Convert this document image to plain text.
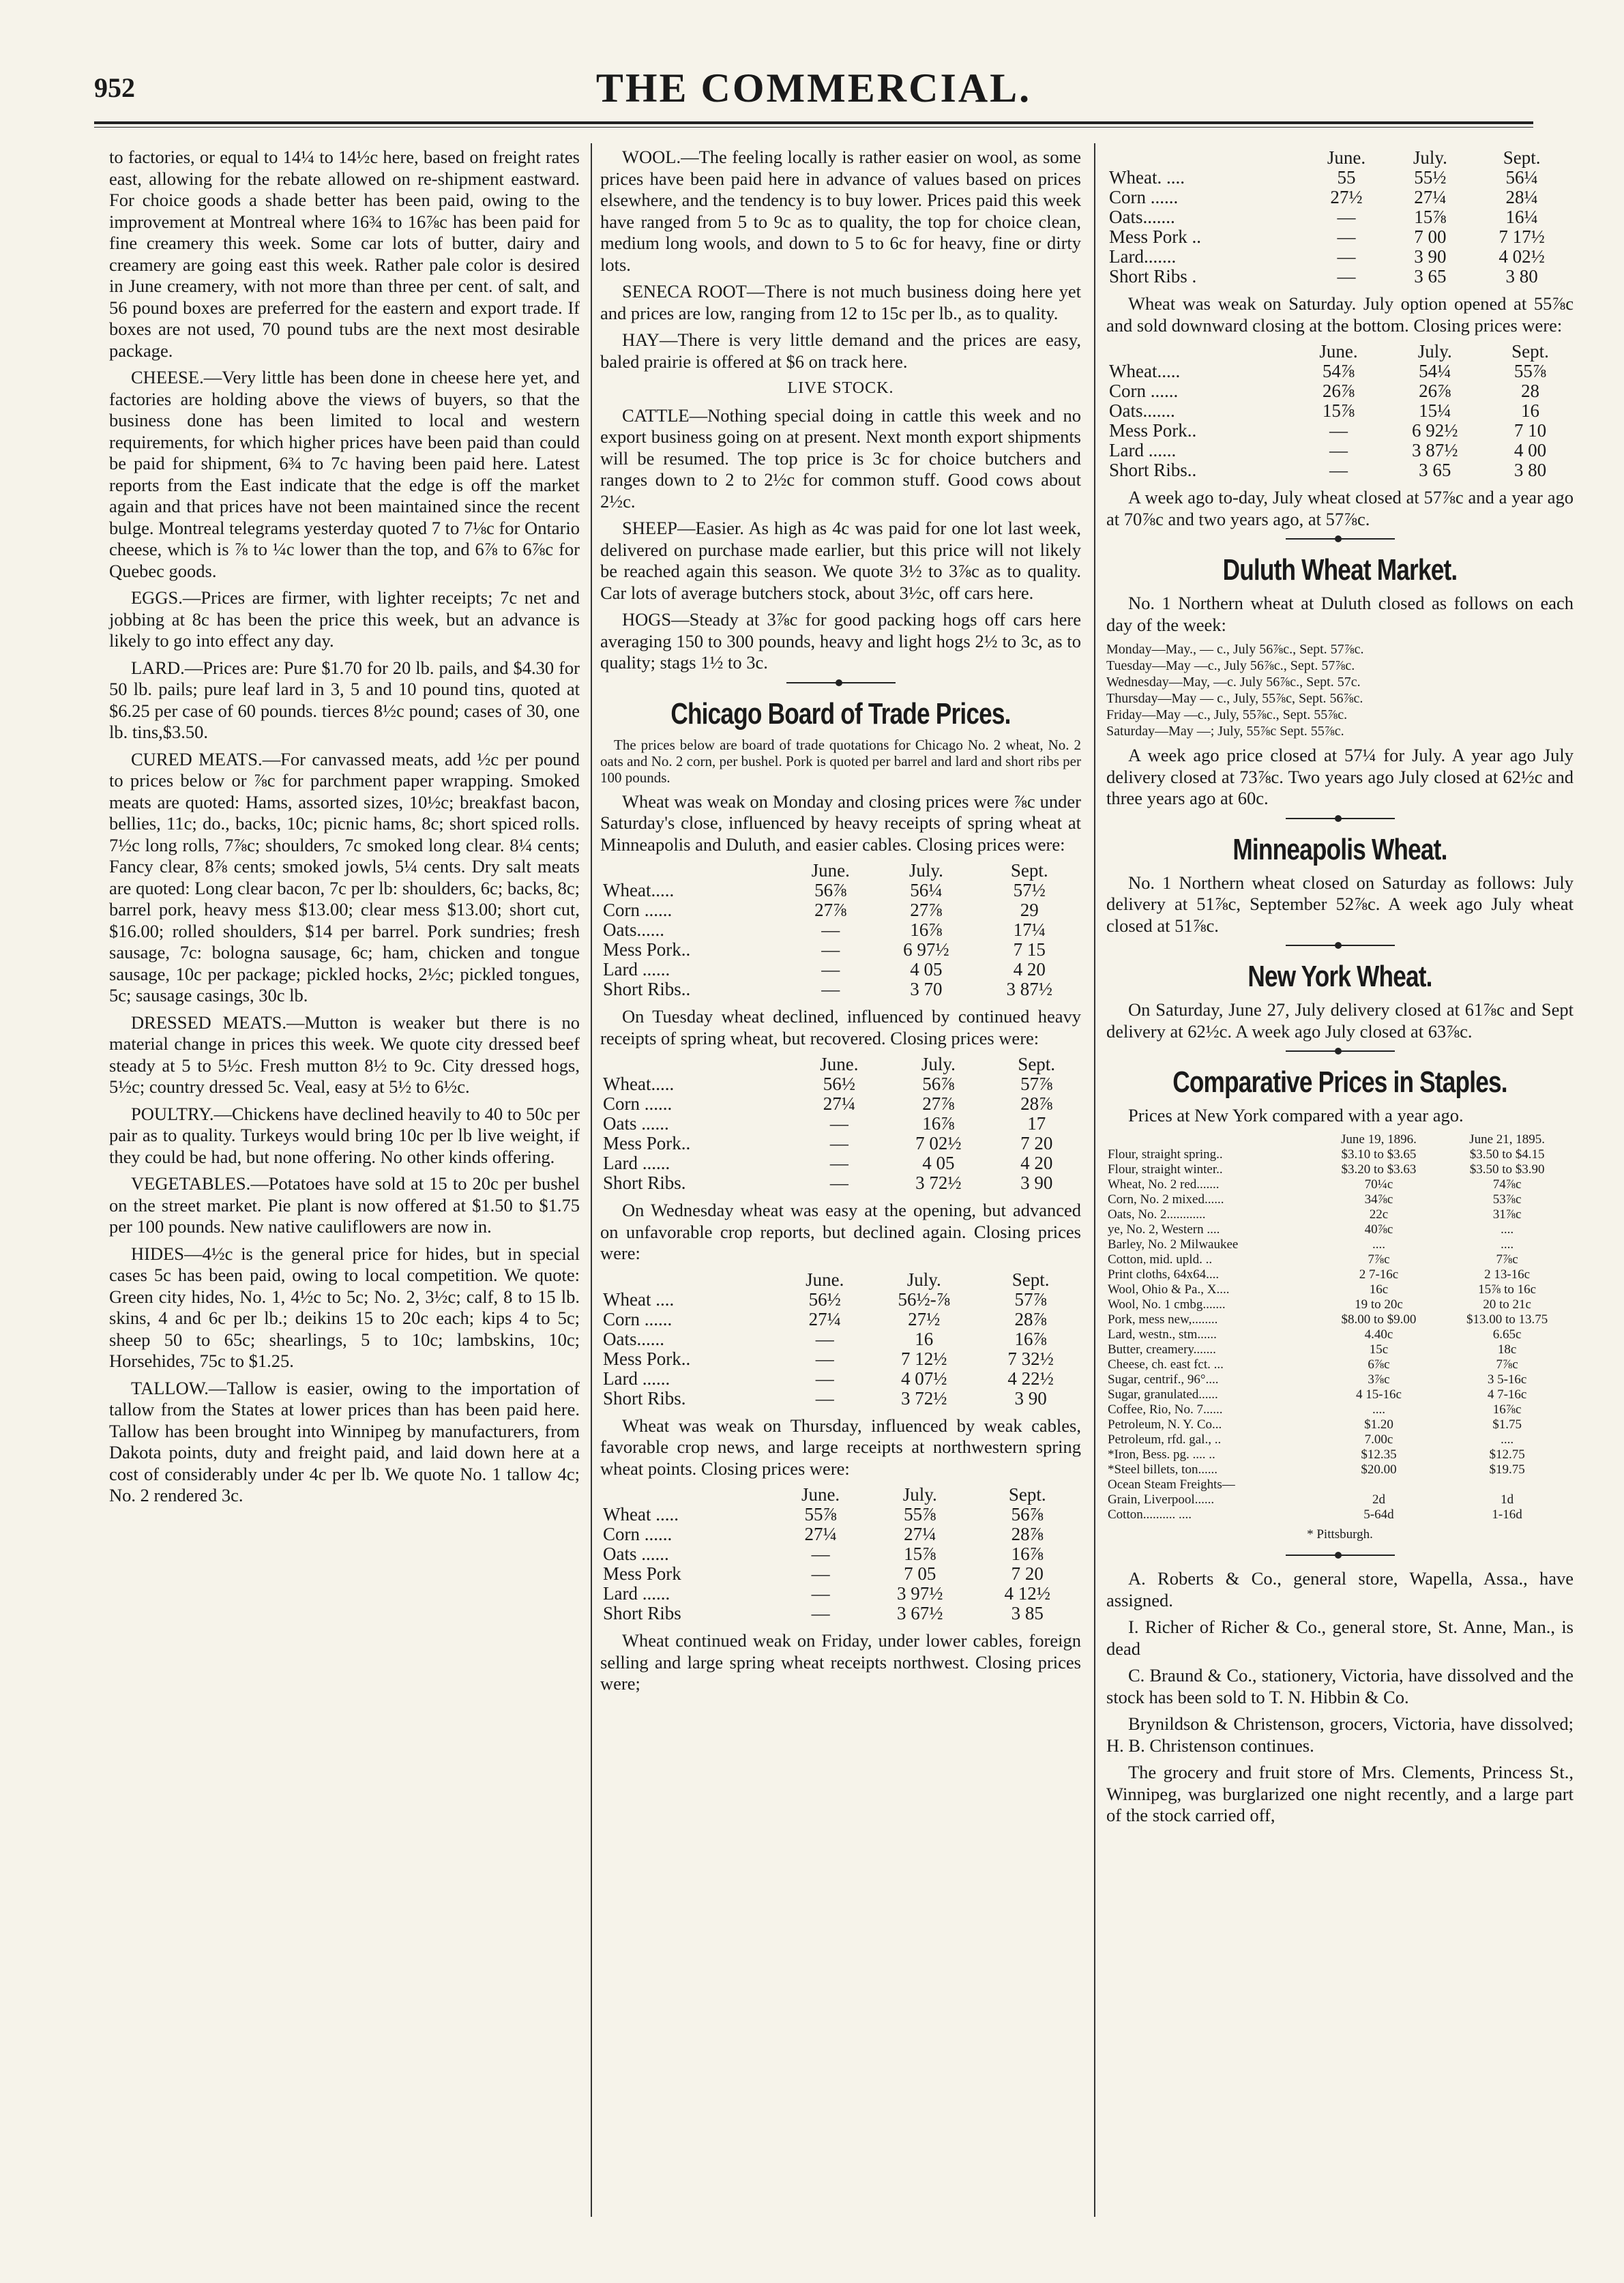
952	THE COMMERCIAL.

to factories, or equal to 14¼ to 14½c here, based on freight rates east, allowing for the rebate allowed on re-shipment eastward. For choice goods a shade better has been paid, owing to the improvement at Montreal where 16¾ to 16⅞c has been paid for fine creamery this week. Some car lots of butter, dairy and creamery are going east this week. Rather pale color is desired in June creamery, with not more than three per cent. of salt, and 56 pound boxes are preferred for the eastern and export trade. If boxes are not used, 70 pound tubs are the next most desirable package.

CHEESE.—Very little has been done in cheese here yet, and factories are holding above the views of buyers, so that the business done has been limited to local and western requirements, for which higher prices have been paid than could be paid for shipment, 6¾ to 7c having been paid here. Latest reports from the East indicate that the edge is off the market again and that prices have not been maintained since the recent bulge. Montreal telegrams yesterday quoted 7 to 7⅛c for Ontario cheese, which is ⅞ to ¼c lower than the top, and 6⅞ to 6⅞c for Quebec goods.

EGGS.—Prices are firmer, with lighter receipts; 7c net and jobbing at 8c has been the price this week, but an advance is likely to go into effect any day.

LARD.—Prices are: Pure $1.70 for 20 lb. pails, and $4.30 for 50 lb. pails; pure leaf lard in 3, 5 and 10 pound tins, quoted at $6.25 per case of 60 pounds. tierces 8½c pound; cases of 30, one lb. tins,$3.50.

CURED MEATS.—For canvassed meats, add ½c per pound to prices below or ⅞c for parchment paper wrapping. Smoked meats are quoted: Hams, assorted sizes, 10½c; breakfast bacon, bellies, 11c; do., backs, 10c; picnic hams, 8c; short spiced rolls. 7½c long rolls, 7⅞c; shoulders, 7c smoked long clear. 8¼ cents; Fancy clear, 8⅞ cents; smoked jowls, 5¼ cents. Dry salt meats are quoted: Long clear bacon, 7c per lb: shoulders, 6c; backs, 8c; barrel pork, heavy mess $13.00; clear mess $13.00; short cut, $16.00; rolled shoulders, $14 per barrel. Pork sundries; fresh sausage, 7c: bologna sausage, 6c; ham, chicken and tongue sausage, 10c per package; pickled hocks, 2½c; pickled tongues, 5c; sausage casings, 30c lb.

DRESSED MEATS.—Mutton is weaker but there is no material change in prices this week. We quote city dressed beef steady at 5 to 5½c. Fresh mutton 8½ to 9c. City dressed hogs, 5½c; country dressed 5c. Veal, easy at 5½ to 6½c.

POULTRY.—Chickens have declined heavily to 40 to 50c per pair as to quality. Turkeys would bring 10c per lb live weight, if they could be had, but none offering. No other kinds offering.

VEGETABLES.—Potatoes have sold at 15 to 20c per bushel on the street market. Pie plant is now offered at $1.50 to $1.75 per 100 pounds. New native cauliflowers are now in.

HIDES—4½c is the general price for hides, but in special cases 5c has been paid, owing to local competition. We quote: Green city hides, No. 1, 4½c to 5c; No. 2, 3½c; calf, 8 to 15 lb. skins, 4 and 6c per lb.; deikins 15 to 20c each; kips 4 to 5c; sheep 50 to 65c; shearlings, 5 to 10c; lambskins, 10c; Horsehides, 75c to $1.25.

TALLOW.—Tallow is easier, owing to the importation of tallow from the States at lower prices than has been paid here. Tallow has been brought into Winnipeg by manufacturers, from Dakota points, duty and freight paid, and laid down here at a cost of considerably under 4c per lb. We quote No. 1 tallow 4c; No. 2 rendered 3c.

WOOL.—The feeling locally is rather easier on wool, as some prices have been paid here in advance of values based on prices elsewhere, and the tendency is to buy lower. Prices paid this week have ranged from 5 to 9c as to quality, the top for choice clean, medium long wools, and down to 5 to 6c for heavy, fine or dirty lots.

SENECA ROOT—There is not much business doing here yet and prices are low, ranging from 12 to 15c per lb., as to quality.

HAY—There is very little demand and the prices are easy, baled prairie is offered at $6 on track here.

LIVE STOCK.

CATTLE—Nothing special doing in cattle this week and no export business going on at present. Next month export shipments will be resumed. The top price is 3c for choice butchers and ranges down to 2 to 2½c for common stuff. Good cows about 2½c.

SHEEP—Easier. As high as 4c was paid for one lot last week, delivered on purchase made earlier, but this price will not likely be reached again this season. We quote 3½ to 3⅞c as to quality. Car lots of average butchers stock, about 3½c, off cars here.

HOGS—Steady at 3⅞c for good packing hogs off cars here averaging 150 to 300 pounds, heavy and light hogs 2½ to 3c, as to quality; stags 1½ to 3c.

Chicago Board of Trade Prices.
The prices below are board of trade quotations for Chicago No. 2 wheat, No. 2 oats and No. 2 corn, per bushel. Pork is quoted per barrel and lard and short ribs per 100 pounds.

Wheat was weak on Monday and closing prices were ⅞c under Saturday's close, influenced by heavy receipts of spring wheat at Minneapolis and Duluth, and easier cables. Closing prices were:

	June.	July.	Sept.
Wheat.....	56⅞	56¼	57½
Corn ......	27⅞	27⅞	29
Oats......	—	16⅞	17¼
Mess Pork..	—	6 97½	7 15
Lard ......	—	4 05	4 20
Short Ribs..	—	3 70	3 87½

On Tuesday wheat declined, influenced by continued heavy receipts of spring wheat, but recovered. Closing prices were:

	June.	July.	Sept.
Wheat.....	56½	56⅞	57⅞
Corn ......	27¼	27⅞	28⅞
Oats ......	—	16⅞	17
Mess Pork..	—	7 02½	7 20
Lard ......	—	4 05	4 20
Short Ribs.	—	3 72½	3 90

On Wednesday wheat was easy at the opening, but advanced on unfavorable crop reports, but declined again. Closing prices were:

	June.	July.	Sept.
Wheat ....	56½	56½-⅞	57⅞
Corn ......	27¼	27½	28⅞
Oats......	—	16	16⅞
Mess Pork..	—	7 12½	7 32½
Lard ......	—	4 07½	4 22½
Short Ribs.	—	3 72½	3 90

Wheat was weak on Thursday, influenced by weak cables, favorable crop news, and large receipts at northwestern spring wheat points. Closing prices were:

	June.	July.	Sept.
Wheat .....	55⅞	55⅞	56⅞
Corn ......	27¼	27¼	28⅞
Oats ......	—	15⅞	16⅞
Mess Pork	—	7 05	7 20
Lard ......	—	3 97½	4 12½
Short Ribs	—	3 67½	3 85

Wheat continued weak on Friday, under lower cables, foreign selling and large spring wheat receipts northwest. Closing prices were;

	June.	July.	Sept.
Wheat. ....	55	55½	56¼
Corn ......	27½	27¼	28¼
Oats.......	—	15⅞	16¼
Mess Pork ..	—	7 00	7 17½
Lard.......	—	3 90	4 02½
Short Ribs .	—	3 65	3 80

Wheat was weak on Saturday. July option opened at 55⅞c and sold downward closing at the bottom. Closing prices were:

	June.	July.	Sept.
Wheat.....	54⅞	54¼	55⅞
Corn ......	26⅞	26⅞	28
Oats.......	15⅞	15¼	16
Mess Pork..	—	6 92½	7 10
Lard ......	—	3 87½	4 00
Short Ribs..	—	3 65	3 80

A week ago to-day, July wheat closed at 57⅞c and a year ago at 70⅞c and two years ago, at 57⅞c.

Duluth Wheat Market.

No. 1 Northern wheat at Duluth closed as follows on each day of the week:

Monday—May., — c., July 56⅞c., Sept. 57⅞c.
Tuesday—May —c., July 56⅞c., Sept. 57⅞c.
Wednesday—May, —c. July 56⅞c., Sept. 57c.
Thursday—May — c., July, 55⅞c, Sept. 56⅞c.
Friday—May —c., July, 55⅞c., Sept. 55⅞c.
Saturday—May —; July, 55⅞c Sept. 55⅞c.

A week ago price closed at 57¼ for July. A year ago July delivery closed at 73⅞c. Two years ago July closed at 62½c and three years ago at 60c.

Minneapolis Wheat.

No. 1 Northern wheat closed on Saturday as follows: July delivery at 51⅞c, September 52⅞c. A week ago July wheat closed at 51⅞c.

New York Wheat.

On Saturday, June 27, July delivery closed at 61⅞c and Sept delivery at 62½c. A week ago July closed at 63⅞c.

Comparative Prices in Staples.

Prices at New York compared with a year ago.

	June 19, 1896.	June 21, 1895.
Flour, straight spring..	$3.10 to $3.65	$3.50 to $4.15
Flour, straight winter..	$3.20 to $3.63	$3.50 to $3.90
Wheat, No. 2 red.......	70¼c	74⅞c
Corn, No. 2 mixed......	34⅞c	53⅞c
Oats, No. 2............	22c	31⅞c
ye, No. 2, Western ....	40⅞c	....
Barley, No. 2 Milwaukee	....	....
Cotton, mid. upld. ..	7⅞c	7⅞c
Print cloths, 64x64....	2 7-16c	2 13-16c
Wool, Ohio & Pa., X....	16c	15⅞ to 16c
Wool, No. 1 cmbg.......	19 to 20c	20 to 21c
Pork, mess new,........	$8.00 to $9.00	$13.00 to 13.75
Lard, westn., stm......	4.40c	6.65c
Butter, creamery.......	15c	18c
Cheese, ch. east fct. ...	6⅞c	7⅞c
Sugar, centrif., 96°....	3⅞c	3 5-16c
Sugar, granulated......	4 15-16c	4 7-16c
Coffee, Rio, No. 7......	....	16⅞c
Petroleum, N. Y. Co...	$1.20	$1.75
Petroleum, rfd. gal., ..	7.00c	....
*Iron, Bess. pg. .... ..	$12.35	$12.75
*Steel billets, ton......	$20.00	$19.75
Ocean Steam Freights—		
Grain, Liverpool......	2d	1d
Cotton.......... ....	5-64d	1-16d
* Pittsburgh.

A. Roberts & Co., general store, Wapella, Assa., have assigned.

I. Richer of Richer & Co., general store, St. Anne, Man., is dead

C. Braund & Co., stationery, Victoria, have dissolved and the stock has been sold to T. N. Hibbin & Co.

Brynildson & Christenson, grocers, Victoria, have dissolved; H. B. Christenson continues.

The grocery and fruit store of Mrs. Clements, Princess St., Winnipeg, was burglarized one night recently, and a large part of the stock carried off,
